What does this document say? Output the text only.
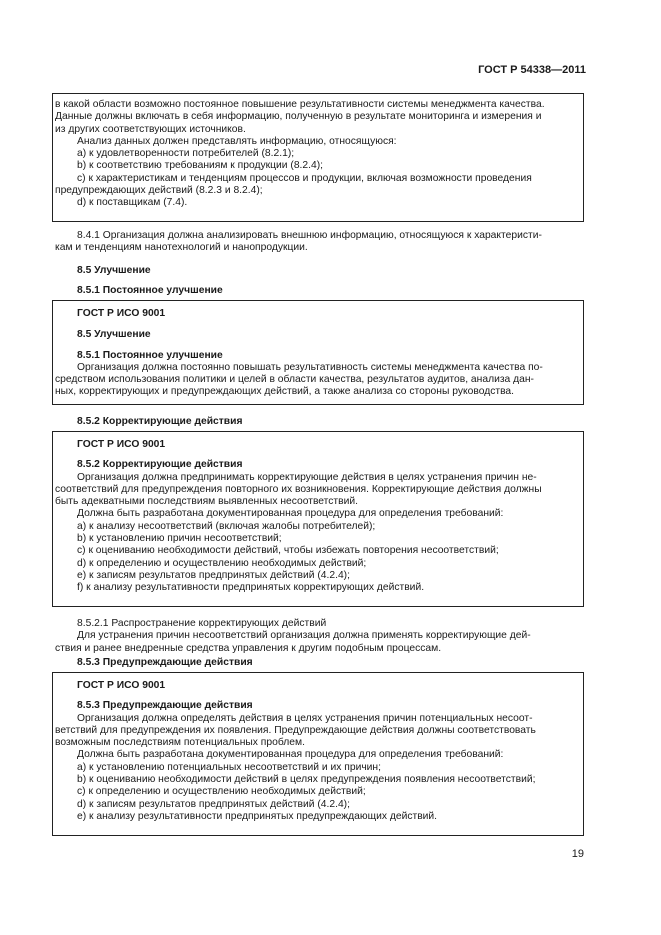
ГОСТ Р 54338—2011
в какой области возможно постоянное повышение результативности системы менеджмента качества.
Данные должны включать в себя информацию, полученную в результате мониторинга и измерения и
из других соответствующих источников.
Анализ данных должен представлять информацию, относящуюся:
a) к удовлетворенности потребителей (8.2.1);
b) к соответствию требованиям к продукции (8.2.4);
c) к характеристикам и тенденциям процессов и продукции, включая возможности проведения
предупреждающих действий (8.2.3 и 8.2.4);
d) к поставщикам (7.4).
8.4.1 Организация должна анализировать внешнюю информацию, относящуюся к характеристи-
кам и тенденциям нанотехнологий и нанопродукции.
8.5 Улучшение
8.5.1 Постоянное улучшение
ГОСТ Р ИСО 9001
8.5 Улучшение
8.5.1 Постоянное улучшение
Организация должна постоянно повышать результативность системы менеджмента качества по-
средством использования политики и целей в области качества, результатов аудитов, анализа дан-
ных, корректирующих и предупреждающих действий, а также анализа со стороны руководства.
8.5.2 Корректирующие действия
ГОСТ Р ИСО 9001
8.5.2 Корректирующие действия
Организация должна предпринимать корректирующие действия в целях устранения причин не-
соответствий для предупреждения повторного их возникновения. Корректирующие действия должны
быть адекватными последствиям выявленных несоответствий.
Должна быть разработана документированная процедура для определения требований:
a) к анализу несоответствий (включая жалобы потребителей);
b) к установлению причин несоответствий;
c) к оцениванию необходимости действий, чтобы избежать повторения несоответствий;
d) к определению и осуществлению необходимых действий;
e) к записям результатов предпринятых действий (4.2.4);
f) к анализу результативности предпринятых корректирующих действий.
8.5.2.1 Распространение корректирующих действий
Для устранения причин несоответствий организация должна применять корректирующие дей-
ствия и ранее внедренные средства управления к другим подобным процессам.
8.5.3 Предупреждающие действия
ГОСТ Р ИСО 9001
8.5.3 Предупреждающие действия
Организация должна определять действия в целях устранения причин потенциальных несоот-
ветствий для предупреждения их появления. Предупреждающие действия должны соответствовать
возможным последствиям потенциальных проблем.
Должна быть разработана документированная процедура для определения требований:
a) к установлению потенциальных несоответствий и их причин;
b) к оцениванию необходимости действий в целях предупреждения появления несоответствий;
c) к определению и осуществлению необходимых действий;
d) к записям результатов предпринятых действий (4.2.4);
e) к анализу результативности предпринятых предупреждающих действий.
19
